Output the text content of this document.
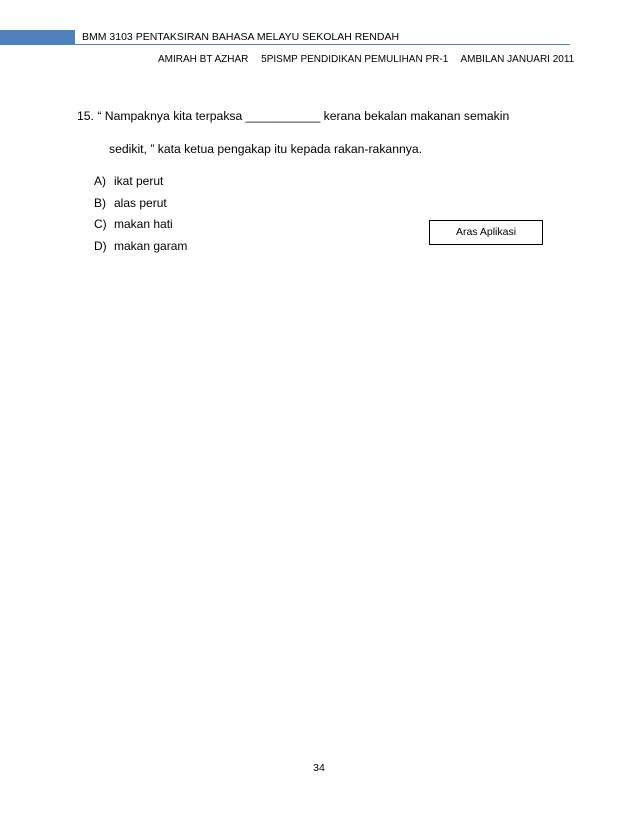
BMM 3103 PENTAKSIRAN BAHASA MELAYU SEKOLAH RENDAH
AMIRAH BT AZHAR 5PISMP PENDIDIKAN PEMULIHAN PR-1 AMBILAN JANUARI 2011
15. “ Nampaknya kita terpaksa ___________ kerana bekalan makanan semakin
sedikit, ” kata ketua pengakap itu kepada rakan-rakannya.
A) ikat perut
B) alas perut
C) makan hati
D) makan garam
Aras Aplikasi
34
